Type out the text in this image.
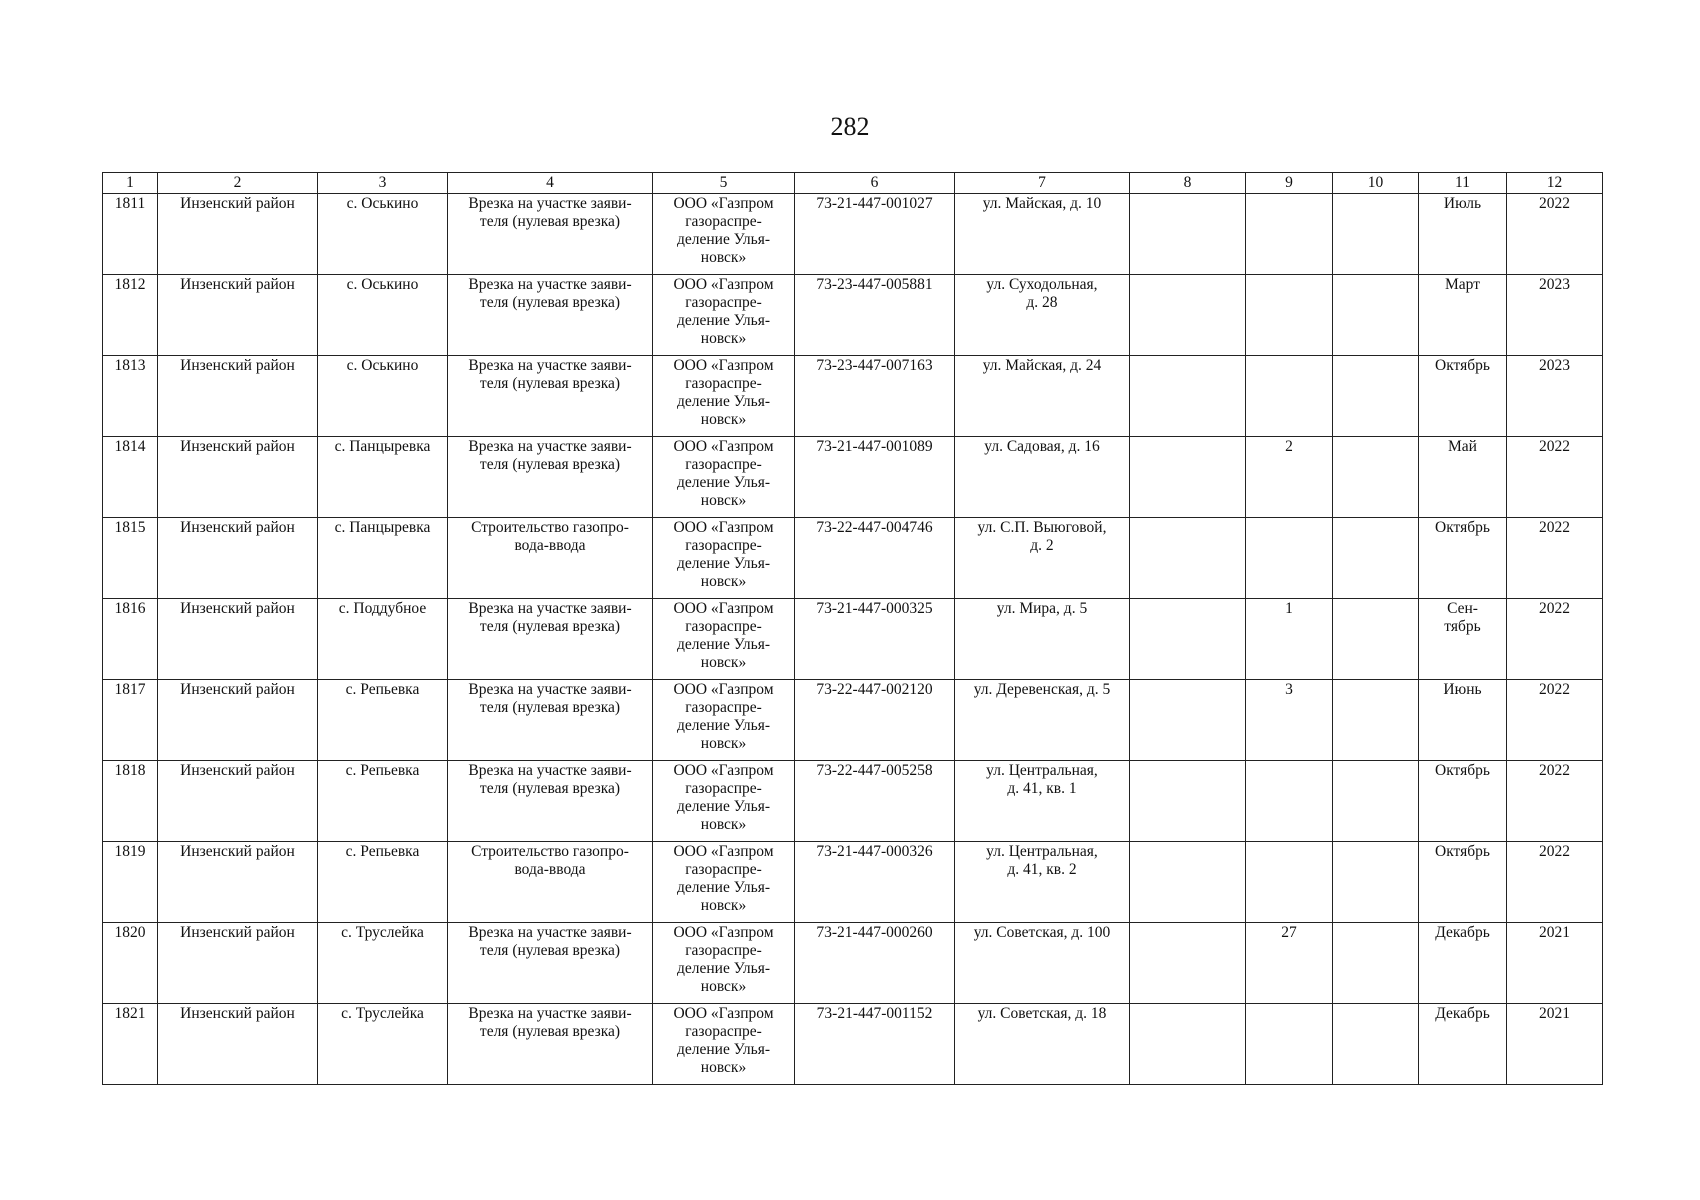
282
1	2	3	4	5	6	7	8	9	10	11	12
1811	Инзенский район	с. Оськино	Врезка на участке заяви-
теля (нулевая врезка)	ООО «Газпром
газораспре-
деление Улья-
новск»	73-21-447-001027	ул. Майская, д. 10				Июль	2022
1812	Инзенский район	с. Оськино	Врезка на участке заяви-
теля (нулевая врезка)	ООО «Газпром
газораспре-
деление Улья-
новск»	73-23-447-005881	ул. Суходольная,
д. 28				Март	2023
1813	Инзенский район	с. Оськино	Врезка на участке заяви-
теля (нулевая врезка)	ООО «Газпром
газораспре-
деление Улья-
новск»	73-23-447-007163	ул. Майская, д. 24				Октябрь	2023
1814	Инзенский район	с. Панцыревка	Врезка на участке заяви-
теля (нулевая врезка)	ООО «Газпром
газораспре-
деление Улья-
новск»	73-21-447-001089	ул. Садовая, д. 16		2		Май	2022
1815	Инзенский район	с. Панцыревка	Строительство газопро-
вода-ввода	ООО «Газпром
газораспре-
деление Улья-
новск»	73-22-447-004746	ул. С.П. Выюговой,
д. 2				Октябрь	2022
1816	Инзенский район	с. Поддубное	Врезка на участке заяви-
теля (нулевая врезка)	ООО «Газпром
газораспре-
деление Улья-
новск»	73-21-447-000325	ул. Мира, д. 5		1		Сен-
тябрь	2022
1817	Инзенский район	с. Репьевка	Врезка на участке заяви-
теля (нулевая врезка)	ООО «Газпром
газораспре-
деление Улья-
новск»	73-22-447-002120	ул. Деревенская, д. 5		3		Июнь	2022
1818	Инзенский район	с. Репьевка	Врезка на участке заяви-
теля (нулевая врезка)	ООО «Газпром
газораспре-
деление Улья-
новск»	73-22-447-005258	ул. Центральная,
д. 41, кв. 1				Октябрь	2022
1819	Инзенский район	с. Репьевка	Строительство газопро-
вода-ввода	ООО «Газпром
газораспре-
деление Улья-
новск»	73-21-447-000326	ул. Центральная,
д. 41, кв. 2				Октябрь	2022
1820	Инзенский район	с. Труслейка	Врезка на участке заяви-
теля (нулевая врезка)	ООО «Газпром
газораспре-
деление Улья-
новск»	73-21-447-000260	ул. Советская, д. 100		27		Декабрь	2021
1821	Инзенский район	с. Труслейка	Врезка на участке заяви-
теля (нулевая врезка)	ООО «Газпром
газораспре-
деление Улья-
новск»	73-21-447-001152	ул. Советская, д. 18				Декабрь	2021
